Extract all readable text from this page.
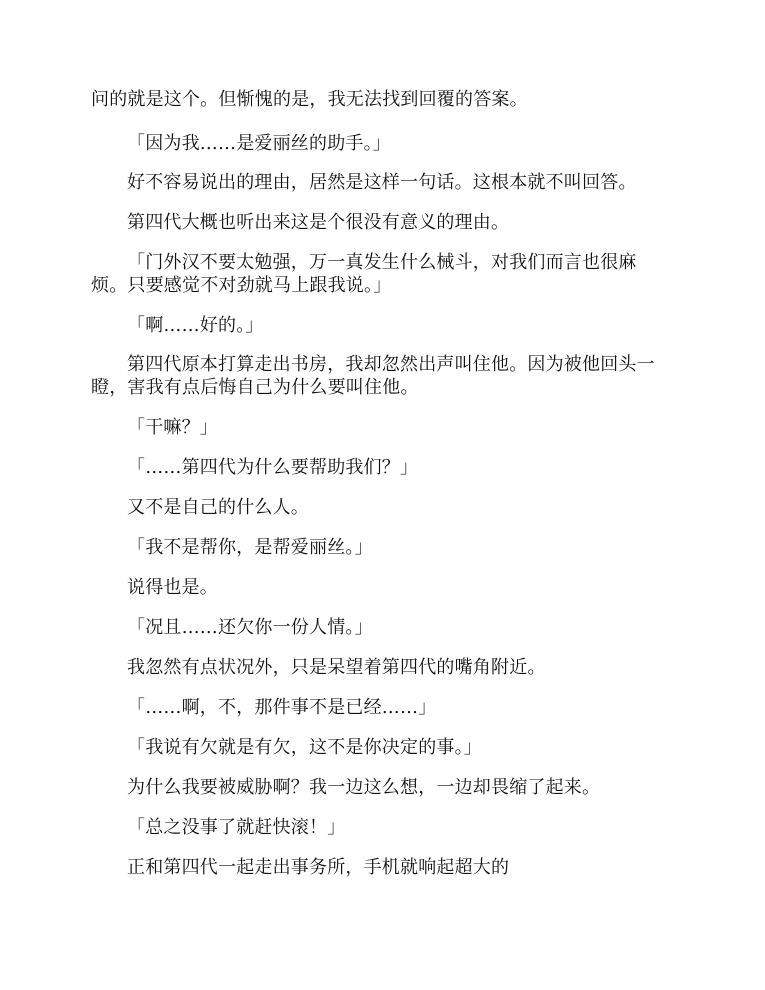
问的就是这个。但惭愧的是，我无法找到回覆的答案。

「因为我……是爱丽丝的助手。」

好不容易说出的理由，居然是这样一句话。这根本就不叫回答。

第四代大概也听出来这是个很没有意义的理由。

「门外汉不要太勉强，万一真发生什么械斗，对我们而言也很麻烦。只要感觉不对劲就马上跟我说。」

「啊……好的。」

第四代原本打算走出书房，我却忽然出声叫住他。因为被他回头一瞪，害我有点后悔自己为什么要叫住他。

「干嘛？」

「……第四代为什么要帮助我们？」

又不是自己的什么人。

「我不是帮你，是帮爱丽丝。」

说得也是。

「况且……还欠你一份人情。」

我忽然有点状况外，只是呆望着第四代的嘴角附近。

「……啊，不，那件事不是已经……」

「我说有欠就是有欠，这不是你决定的事。」

为什么我要被威胁啊？我一边这么想，一边却畏缩了起来。

「总之没事了就赶快滚！」

正和第四代一起走出事务所，手机就响起超大的
